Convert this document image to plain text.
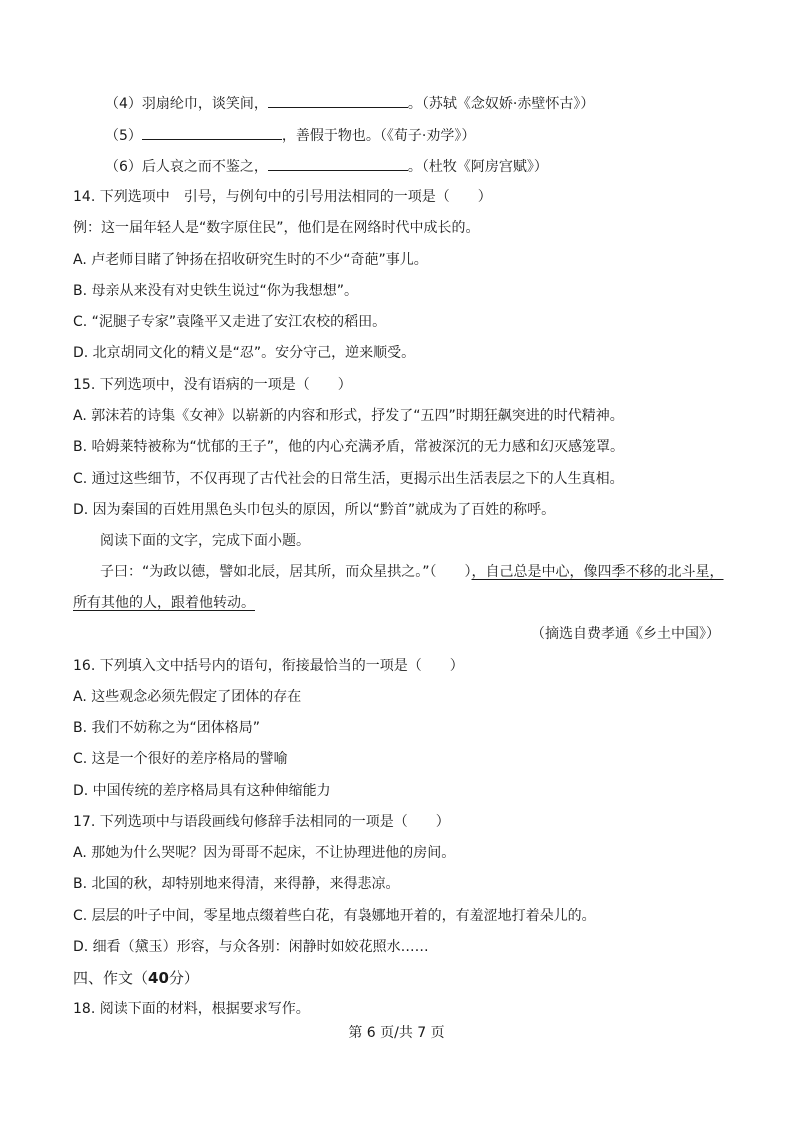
（4）羽扇纶巾，谈笑间，	。（苏轼《念奴娇·赤壁怀古》）
（5）	，善假于物也。（《荀子·劝学》）
（6）后人哀之而不鉴之，	。（杜牧《阿房宫赋》）
14. 下列选项中　引号，与例句中的引号用法相同的一项是（　　）
例：这一届年轻人是“数字原住民”，他们是在网络时代中成长的。
A. 卢老师目睹了钟扬在招收研究生时的不少“奇葩”事儿。
B. 母亲从来没有对史铁生说过“你为我想想”。
C. “泥腿子专家”袁隆平又走进了安江农校的稻田。
D. 北京胡同文化的精义是“忍”。安分守己，逆来顺受。
15. 下列选项中，没有语病的一项是（　　）
A. 郭沫若的诗集《女神》以崭新的内容和形式，抒发了“五四”时期狂飙突进的时代精神。
B. 哈姆莱特被称为“忧郁的王子”，他的内心充满矛盾，常被深沉的无力感和幻灭感笼罩。
C. 通过这些细节，不仅再现了古代社会的日常生活，更揭示出生活表层之下的人生真相。
D. 因为秦国的百姓用黑色头巾包头的原因，所以“黔首”就成为了百姓的称呼。
阅读下面的文字，完成下面小题。
子曰：“为政以德，譬如北辰，居其所，而众星拱之。”（　　），自己总是中心，像四季不移的北斗星，
所有其他的人，跟着他转动。
（摘选自费孝通《乡土中国》）
16. 下列填入文中括号内的语句，衔接最恰当的一项是（　　）
A. 这些观念必须先假定了团体的存在
B. 我们不妨称之为“团体格局”
C. 这是一个很好的差序格局的譬喻
D. 中国传统的差序格局具有这种伸缩能力
17. 下列选项中与语段画线句修辞手法相同的一项是（　　）
A. 那她为什么哭呢？因为哥哥不起床，不让协理进他的房间。
B. 北国的秋，却特别地来得清，来得静，来得悲凉。
C. 层层的叶子中间，零星地点缀着些白花，有袅娜地开着的，有羞涩地打着朵儿的。
D. 细看（黛玉）形容，与众各别：闲静时如姣花照水……
四、作文（40分）
18. 阅读下面的材料，根据要求写作。
第 6 页/共 7 页
